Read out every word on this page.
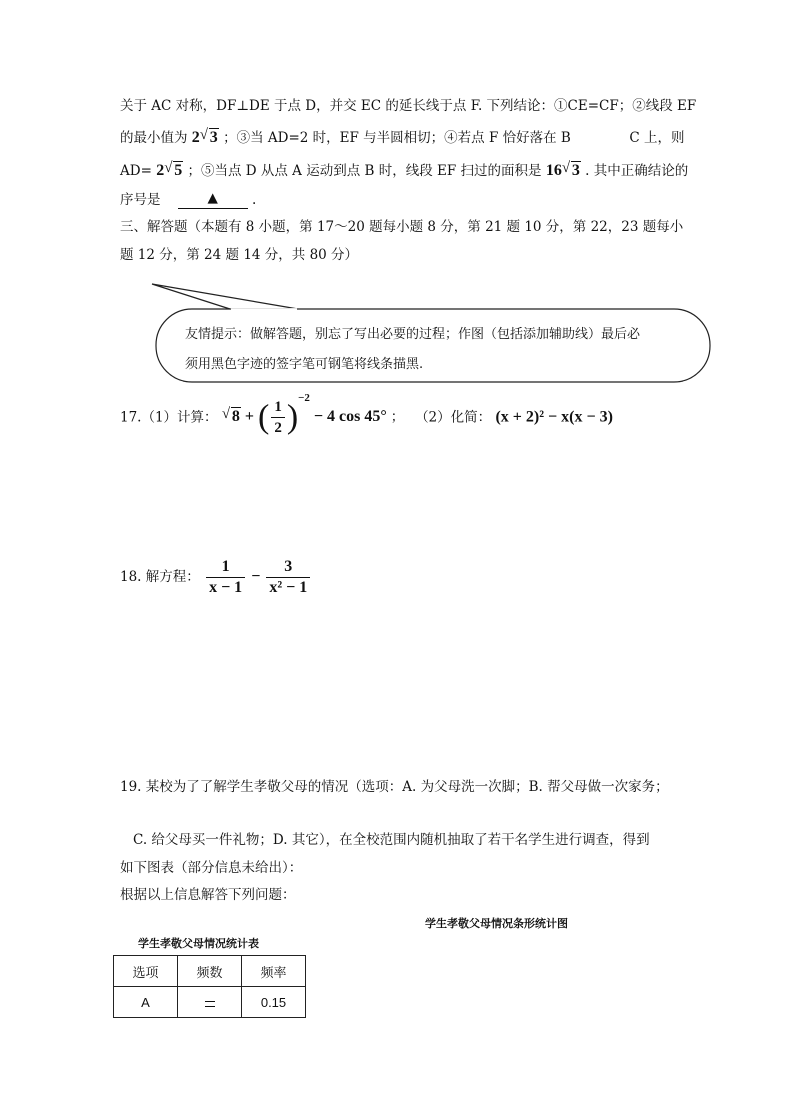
关于 AC 对称，DF⊥DE 于点 D，并交 EC 的延长线于点 F. 下列结论：①CE=CF；②线段 EF
的最小值为 2 √ 3 ；③当 AD=2 时，EF 与半圆相切；④若点 F 恰好落在 B	C 上，则
AD= 2 √ 5 ；⑤当点 D 从点 A 运动到点 B 时，线段 EF 扫过的面积是 16 √ 3 . 其中正确结论的
序号是	▲	.
三、解答题（本题有 8 小题，第 17～20 题每小题 8 分，第 21 题 10 分，第 22，23 题每小
题 12 分，第 24 题 14 分，共 80 分）
友情提示：做解答题，别忘了写出必要的过程；作图（包括添加辅助线）最后必
须用黑色字迹的签字笔可钢笔将线条描黑.
17.（1）计算： √ 8 + ( $\frac{1}{2} )^{-2} - 4$ cos 45° ； （2）化简： (x + 2)² − x(x − 3)
18. 解方程： $\frac{1}{x - 1} - \frac{3}{\text{x² − 1}}$
19. 某校为了了解学生孝敬父母的情况（选项：A. 为父母洗一次脚；B. 帮父母做一次家务；
C. 给父母买一件礼物；D. 其它），在全校范围内随机抽取了若干名学生进行调查，得到
如下图表（部分信息未给出）：
根据以上信息解答下列问题：
学生孝敬父母情况条形统计图
学生孝敬父母情况统计表
选项	频数	频率
A		0.15
